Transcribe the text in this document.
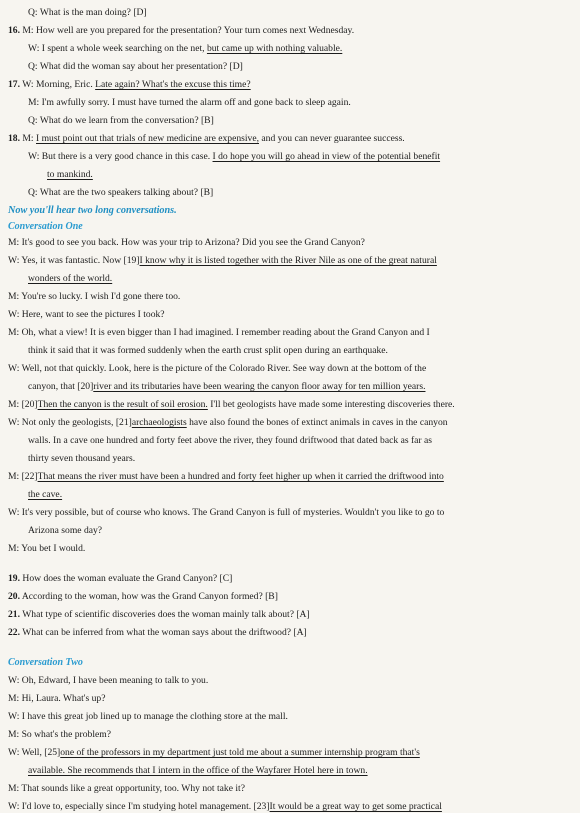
Q: What is the man doing? [D]
16. M: How well are you prepared for the presentation? Your turn comes next Wednesday.
W: I spent a whole week searching on the net, but came up with nothing valuable.
Q: What did the woman say about her presentation? [D]
17. W: Morning, Eric. Late again? What's the excuse this time?
M: I'm awfully sorry. I must have turned the alarm off and gone back to sleep again.
Q: What do we learn from the conversation? [B]
18. M: I must point out that trials of new medicine are expensive, and you can never guarantee success.
W: But there is a very good chance in this case. I do hope you will go ahead in view of the potential benefit
to mankind.
Q: What are the two speakers talking about? [B]
Now you'll hear two long conversations.
Conversation One
M: It's good to see you back. How was your trip to Arizona? Did you see the Grand Canyon?
W: Yes, it was fantastic. Now [19]I know why it is listed together with the River Nile as one of the great natural
wonders of the world.
M: You're so lucky. I wish I'd gone there too.
W: Here, want to see the pictures I took?
M: Oh, what a view! It is even bigger than I had imagined. I remember reading about the Grand Canyon and I
think it said that it was formed suddenly when the earth crust split open during an earthquake.
W: Well, not that quickly. Look, here is the picture of the Colorado River. See way down at the bottom of the
canyon, that [20]river and its tributaries have been wearing the canyon floor away for ten million years.
M: [20]Then the canyon is the result of soil erosion. I'll bet geologists have made some interesting discoveries there.
W: Not only the geologists, [21]archaeologists have also found the bones of extinct animals in caves in the canyon
walls. In a cave one hundred and forty feet above the river, they found driftwood that dated back as far as
thirty seven thousand years.
M: [22]That means the river must have been a hundred and forty feet higher up when it carried the driftwood into
the cave.
W: It's very possible, but of course who knows. The Grand Canyon is full of mysteries. Wouldn't you like to go to
Arizona some day?
M: You bet I would.
19. How does the woman evaluate the Grand Canyon? [C]
20. According to the woman, how was the Grand Canyon formed? [B]
21. What type of scientific discoveries does the woman mainly talk about? [A]
22. What can be inferred from what the woman says about the driftwood? [A]
Conversation Two
W: Oh, Edward, I have been meaning to talk to you.
M: Hi, Laura. What's up?
W: I have this great job lined up to manage the clothing store at the mall.
M: So what's the problem?
W: Well, [25]one of the professors in my department just told me about a summer internship program that's
available. She recommends that I intern in the office of the Wayfarer Hotel here in town.
M: That sounds like a great opportunity, too. Why not take it?
W: I'd love to, especially since I'm studying hotel management. [23]It would be a great way to get some practical
